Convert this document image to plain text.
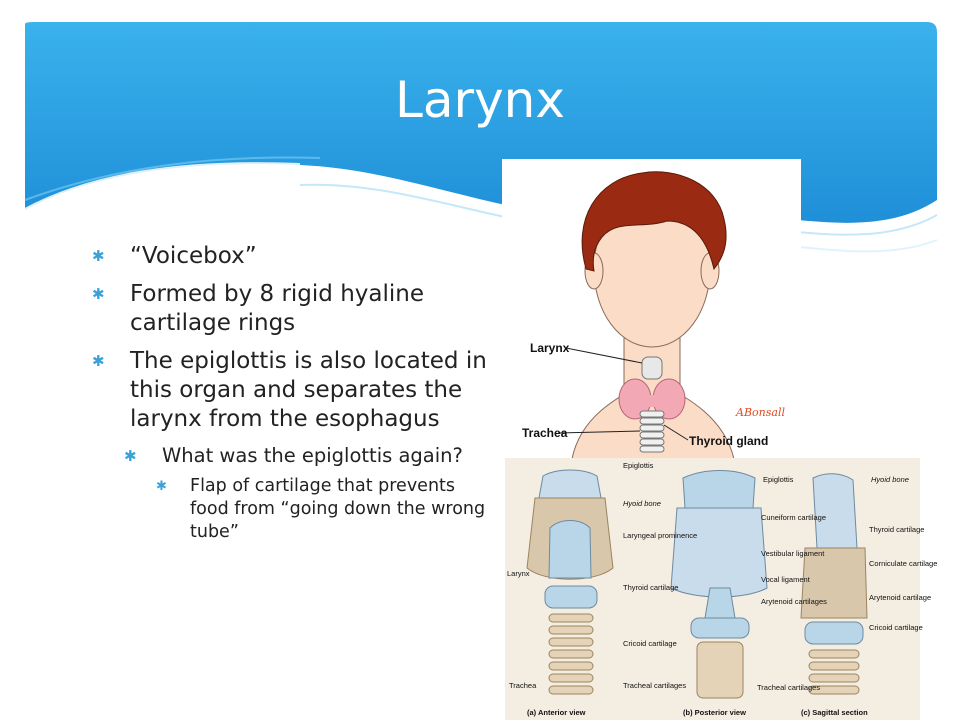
Larynx
✱ “Voicebox”
✱ Formed by 8 rigid hyaline cartilage rings
✱ The epiglottis is also located in this organ and separates the larynx from the esophagus
✱ What was the epiglottis again?
✱ Flap of cartilage that prevents food from “going down the wrong tube”
Larynx
Trachea
Thyroid gland
ABonsall
Epiglottis
Hyoid bone
Laryngeal prominence
Larynx
Thyroid cartilage
Cricoid cartilage
Trachea	Tracheal cartilages
Cuneiform cartilage
Vestibular ligament
Vocal ligament
Arytenoid cartilages
Tracheal cartilages
Epiglottis	Hyoid bone
Thyroid cartilage
Corniculate cartilage
Arytenoid cartilage
Cricoid cartilage
(a) Anterior view	(b) Posterior view	(c) Sagittal section
